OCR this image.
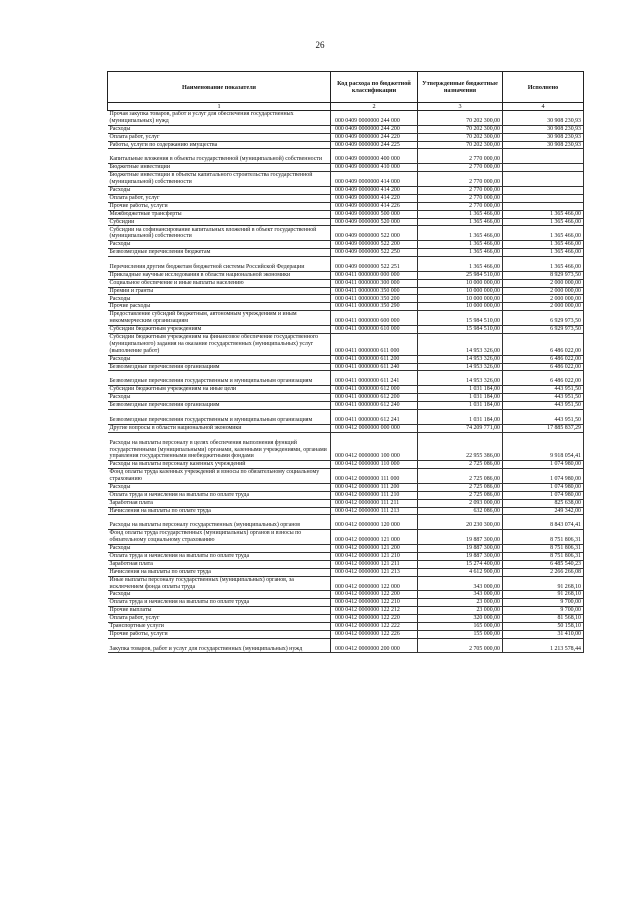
26
Наименование показателя	Код расхода по бюджетной классификации	Утвержденные бюджетные назначения	Исполнено
1	2	3	4
Прочая закупка товаров, работ и услуг для обеспечения государственных (муниципальных) нужд	000 0409 0000000 244 000	70 202 300,00	30 908 230,93
Расходы	000 0409 0000000 244 200	70 202 300,00	30 908 230,93
Оплата работ, услуг	000 0409 0000000 244 220	70 202 300,00	30 908 230,93
Работы, услуги по содержанию имущества	000 0409 0000000 244 225	70 202 300,00	30 908 230,93
Капитальные вложения в объекты государственной (муниципальной) собственности	000 0409 0000000 400 000	2 770 000,00	
Бюджетные инвестиции	000 0409 0000000 410 000	2 770 000,00	
Бюджетные инвестиции в объекты капитального строительства государственной (муниципальной) собственности	000 0409 0000000 414 000	2 770 000,00	
Расходы	000 0409 0000000 414 200	2 770 000,00	
Оплата работ, услуг	000 0409 0000000 414 220	2 770 000,00	
Прочие работы, услуги	000 0409 0000000 414 226	2 770 000,00	
Межбюджетные трансферты	000 0409 0000000 500 000	1 365 466,00	1 365 466,00
Субсидии	000 0409 0000000 520 000	1 365 466,00	1 365 466,00
Субсидии на софинансирование капитальных вложений в объект государственной (муниципальной) собственности	000 0409 0000000 522 000	1 365 466,00	1 365 466,00
Расходы	000 0409 0000000 522 200	1 365 466,00	1 365 466,00
Безвозмездные перечисления бюджетам	000 0409 0000000 522 250	1 365 466,00	1 365 466,00
Перечисления другим бюджетам бюджетной системы Российской Федерации	000 0409 0000000 522 251	1 365 466,00	1 365 466,00
Прикладные научные исследования в области национальной экономики	000 0411 0000000 000 000	25 984 510,00	8 929 973,50
Социальное обеспечение и иные выплаты населению	000 0411 0000000 300 000	10 000 000,00	2 000 000,00
Премии и гранты	000 0411 0000000 350 000	10 000 000,00	2 000 000,00
Расходы	000 0411 0000000 350 200	10 000 000,00	2 000 000,00
Прочие расходы	000 0411 0000000 350 290	10 000 000,00	2 000 000,00
Предоставление субсидий бюджетным, автономным учреждениям и иным некоммерческим организациям	000 0411 0000000 600 000	15 984 510,00	6 929 973,50
Субсидии бюджетным учреждениям	000 0411 0000000 610 000	15 984 510,00	6 929 973,50
Субсидии бюджетным учреждениям на финансовое обеспечение государственного (муниципального) задания на оказание государственных (муниципальных) услуг (выполнение работ)	000 0411 0000000 611 000	14 953 326,00	6 486 022,00
Расходы	000 0411 0000000 611 200	14 953 326,00	6 486 022,00
Безвозмездные перечисления организациям	000 0411 0000000 611 240	14 953 326,00	6 486 022,00
Безвозмездные перечисления государственным и муниципальным организациям	000 0411 0000000 611 241	14 953 326,00	6 486 022,00
Субсидии бюджетным учреждениям на иные цели	000 0411 0000000 612 000	1 031 184,00	443 951,50
Расходы	000 0411 0000000 612 200	1 031 184,00	443 951,50
Безвозмездные перечисления организациям	000 0411 0000000 612 240	1 031 184,00	443 951,50
Безвозмездные перечисления государственным и муниципальным организациям	000 0411 0000000 612 241	1 031 184,00	443 951,50
Другие вопросы в области национальной экономики	000 0412 0000000 000 000	74 209 771,00	17 885 837,29
Расходы на выплаты персоналу в целях обеспечения выполнения функций государственными (муниципальными) органами, казенными учреждениями, органами управления государственными внебюджетными фондами	000 0412 0000000 100 000	22 955 386,00	9 918 054,41
Расходы на выплаты персоналу казенных учреждений	000 0412 0000000 110 000	2 725 086,00	1 074 980,00
Фонд оплаты труда казенных учреждений и взносы по обязательному социальному страхованию	000 0412 0000000 111 000	2 725 086,00	1 074 980,00
Расходы	000 0412 0000000 111 200	2 725 086,00	1 074 980,00
Оплата труда и начисления на выплаты по оплате труда	000 0412 0000000 111 210	2 725 086,00	1 074 980,00
Заработная плата	000 0412 0000000 111 211	2 093 000,00	825 638,00
Начисления на выплаты по оплате труда	000 0412 0000000 111 213	632 086,00	249 342,00
Расходы на выплаты персоналу государственных (муниципальных) органов	000 0412 0000000 120 000	20 230 300,00	8 843 074,41
Фонд оплаты труда государственных (муниципальных) органов и взносы по обязательному социальному страхованию	000 0412 0000000 121 000	19 887 300,00	8 751 806,31
Расходы	000 0412 0000000 121 200	19 887 300,00	8 751 806,31
Оплата труда и начисления на выплаты по оплате труда	000 0412 0000000 121 210	19 887 300,00	8 751 806,31
Заработная плата	000 0412 0000000 121 211	15 274 400,00	6 485 540,23
Начисления на выплаты по оплате труда	000 0412 0000000 121 213	4 612 900,00	2 266 266,08
Иные выплаты персоналу государственных (муниципальных) органов, за исключением фонда оплаты труда	000 0412 0000000 122 000	343 000,00	91 268,10
Расходы	000 0412 0000000 122 200	343 000,00	91 268,10
Оплата труда и начисления на выплаты по оплате труда	000 0412 0000000 122 210	23 000,00	9 700,00
Прочие выплаты	000 0412 0000000 122 212	23 000,00	9 700,00
Оплата работ, услуг	000 0412 0000000 122 220	320 000,00	81 568,10
Транспортные услуги	000 0412 0000000 122 222	165 000,00	50 158,10
Прочие работы, услуги	000 0412 0000000 122 226	155 000,00	31 410,00
Закупка товаров, работ и услуг для государственных (муниципальных) нужд	000 0412 0000000 200 000	2 705 000,00	1 213 578,44
